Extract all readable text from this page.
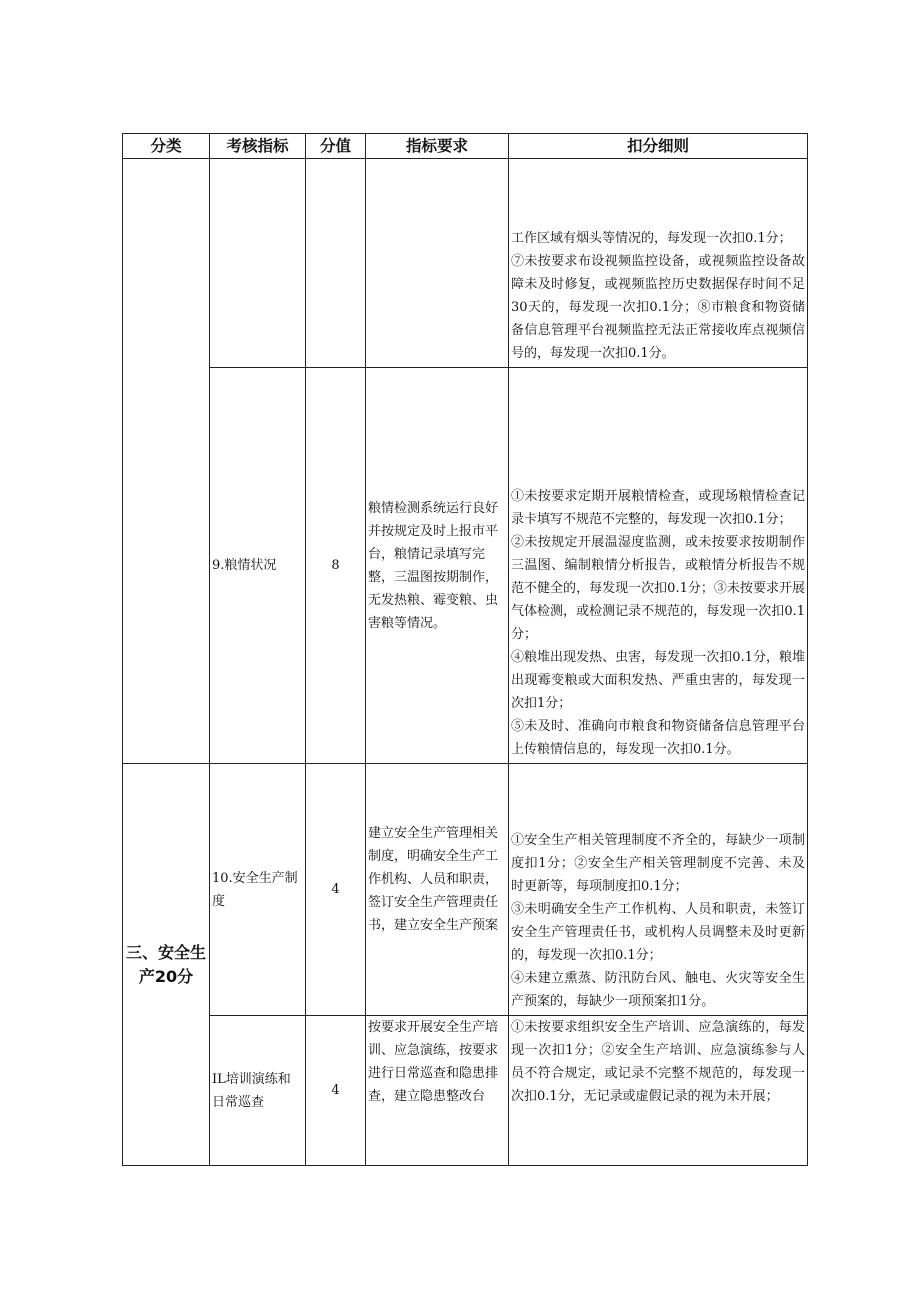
分类	考核指标	分值	指标要求	扣分细则
				工作区域有烟头等情况的，每发现一次扣0.1分；
⑦未按要求布设视频监控设备，或视频监控设备故障未及时修复，或视频监控历史数据保存时间不足30天的，每发现一次扣0.1分；⑧市粮食和物资储备信息管理平台视频监控无法正常接收库点视频信号的，每发现一次扣0.1分。
	9.粮情状况	8	粮情检测系统运行良好并按规定及时上报市平台，粮情记录填写完整，三温图按期制作，无发热粮、霉变粮、虫害粮等情况。	①未按要求定期开展粮情检查，或现场粮情检查记录卡填写不规范不完整的，每发现一次扣0.1分；
②未按规定开展温湿度监测，或未按要求按期制作三温图、编制粮情分析报告，或粮情分析报告不规范不健全的，每发现一次扣0.1分；③未按要求开展气体检测，或检测记录不规范的，每发现一次扣0.1分；
④粮堆出现发热、虫害，每发现一次扣0.1分，粮堆出现霉变粮或大面积发热、严重虫害的，每发现一次扣1分；
⑤未及时、准确向市粮食和物资储备信息管理平台上传粮情信息的，每发现一次扣0.1分。
三、安全生产20分	10.安全生产制度	4	建立安全生产管理相关制度，明确安全生产工作机构、人员和职责，签订安全生产管理责任书，建立安全生产预案	①安全生产相关管理制度不齐全的，每缺少一项制度扣1分；②安全生产相关管理制度不完善、未及时更新等，每项制度扣0.1分；
③未明确安全生产工作机构、人员和职责，未签订安全生产管理责任书，或机构人员调整未及时更新的，每发现一次扣0.1分；
④未建立熏蒸、防汛防台风、触电、火灾等安全生产预案的，每缺少一项预案扣1分。
	IL培训演练和日常巡查	4	按要求开展安全生产培训、应急演练，按要求进行日常巡查和隐患排查，建立隐患整改台	①未按要求组织安全生产培训、应急演练的，每发现一次扣1分；②安全生产培训、应急演练参与人员不符合规定，或记录不完整不规范的，每发现一次扣0.1分，无记录或虚假记录的视为未开展；
